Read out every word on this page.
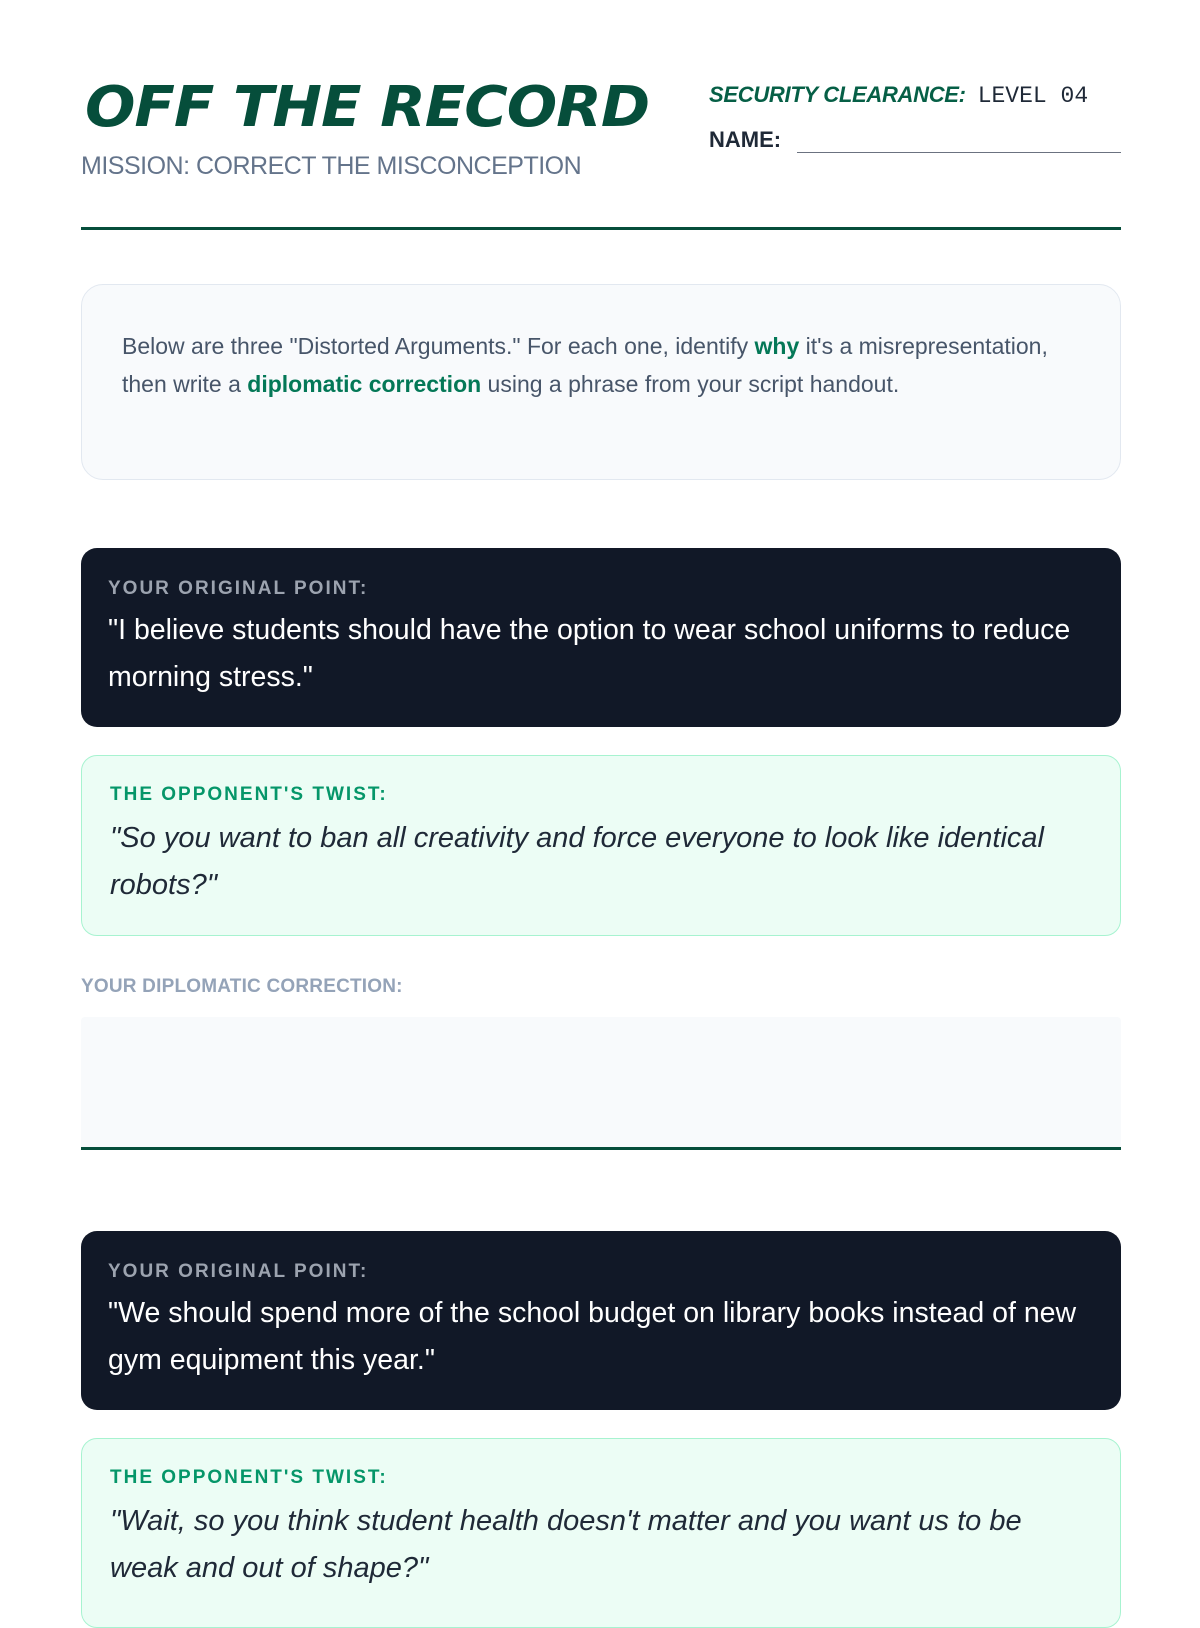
OFF THE RECORD
MISSION: CORRECT THE MISCONCEPTION
SECURITY CLEARANCE: LEVEL 04
NAME:
Below are three "Distorted Arguments." For each one, identify why it's a misrepresentation, then write a diplomatic correction using a phrase from your script handout.
YOUR ORIGINAL POINT:
"I believe students should have the option to wear school uniforms to reduce morning stress."
THE OPPONENT'S TWIST:
"So you want to ban all creativity and force everyone to look like identical robots?"
YOUR DIPLOMATIC CORRECTION:
YOUR ORIGINAL POINT:
"We should spend more of the school budget on library books instead of new gym equipment this year."
THE OPPONENT'S TWIST:
"Wait, so you think student health doesn't matter and you want us to be weak and out of shape?"
